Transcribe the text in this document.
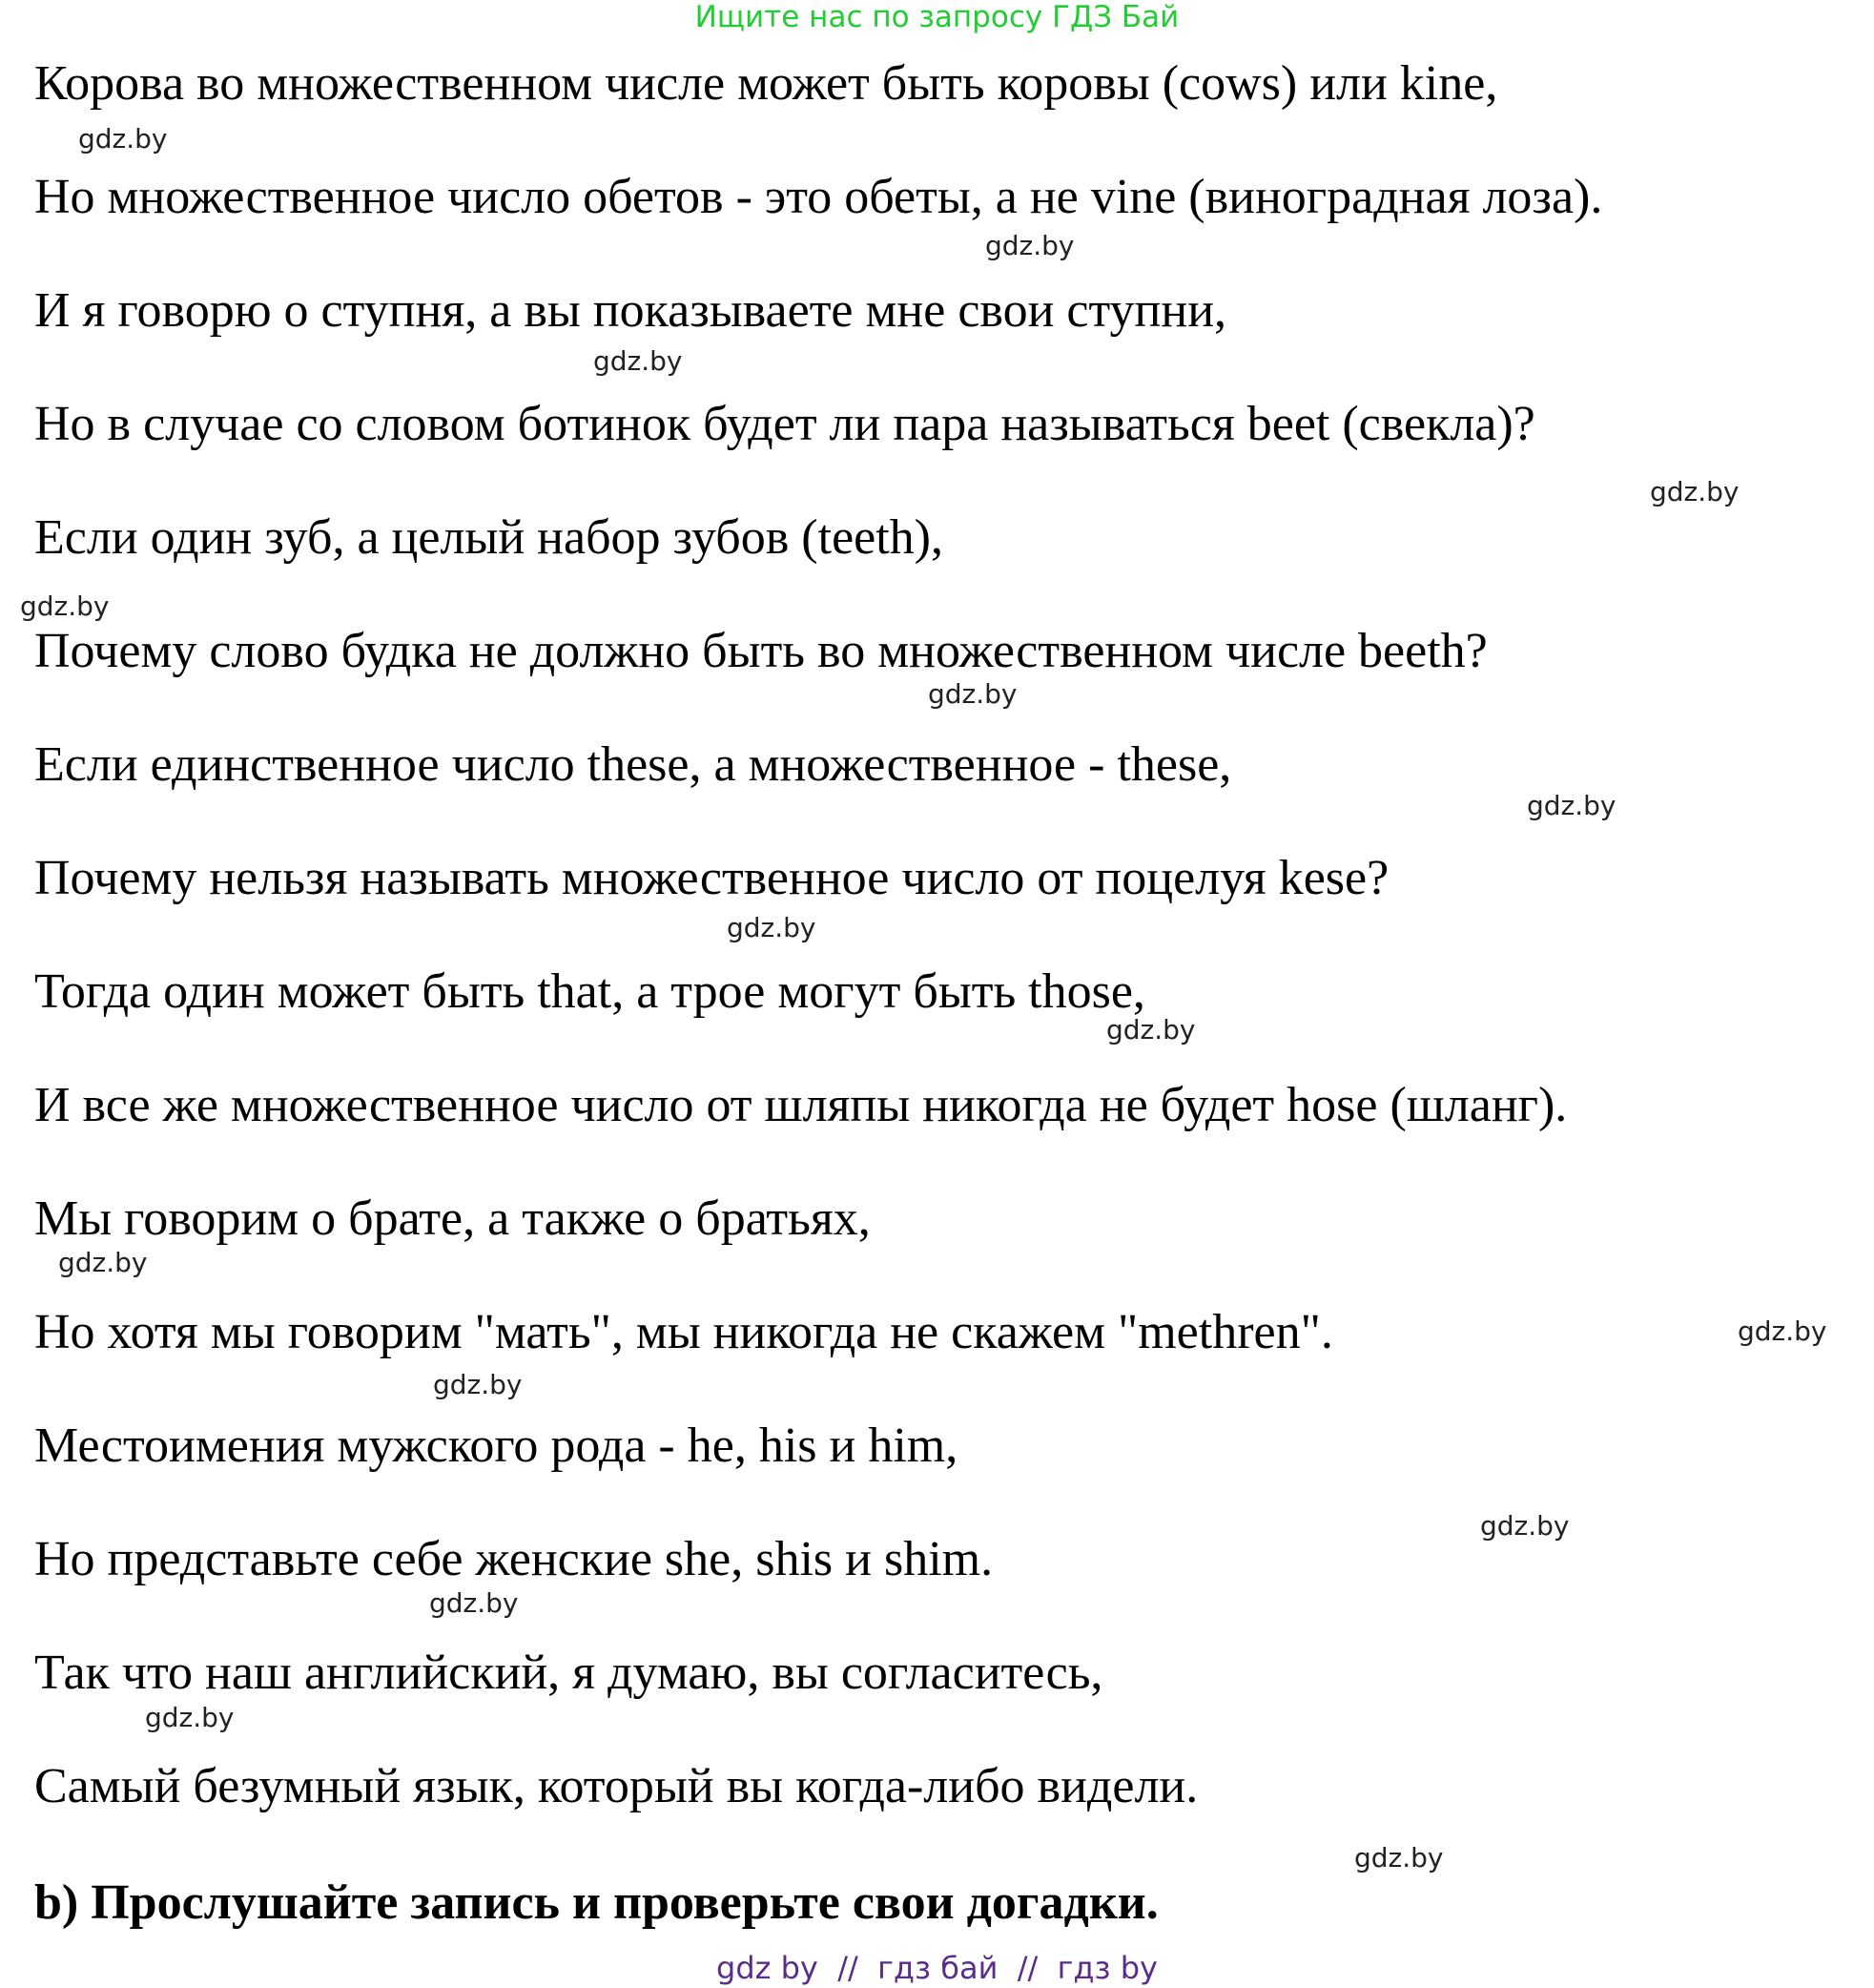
Ищите нас по запросу ГДЗ Бай
Корова во множественном числе может быть коровы (cows) или kine,
Но множественное число обетов - это обеты, а не vine (виноградная лоза).
И я говорю о ступня, а вы показываете мне свои ступни,
Но в случае со словом ботинок будет ли пара называться beet (свекла)?
Если один зуб, а целый набор зубов (teeth),
Почему слово будка не должно быть во множественном числе beeth?
Если единственное число these, а множественное - these,
Почему нельзя называть множественное число от поцелуя kese?
Тогда один может быть that, а трое могут быть those,
И все же множественное число от шляпы никогда не будет hose (шланг).
Мы говорим о брате, а также о братьях,
Но хотя мы говорим "мать", мы никогда не скажем "methren".
Местоимения мужского рода - he, his и him,
Но представьте себе женские she, shis и shim.
Так что наш английский, я думаю, вы согласитесь,
Самый безумный язык, который вы когда-либо видели.
b) Прослушайте запись и проверьте свои догадки.
gdz.by
gdz.by
gdz.by
gdz.by
gdz.by
gdz.by
gdz.by
gdz.by
gdz.by
gdz.by
gdz.by
gdz.by
gdz.by
gdz.by
gdz.by
gdz.by
gdz by  //  гдз бай  //  гдз by
